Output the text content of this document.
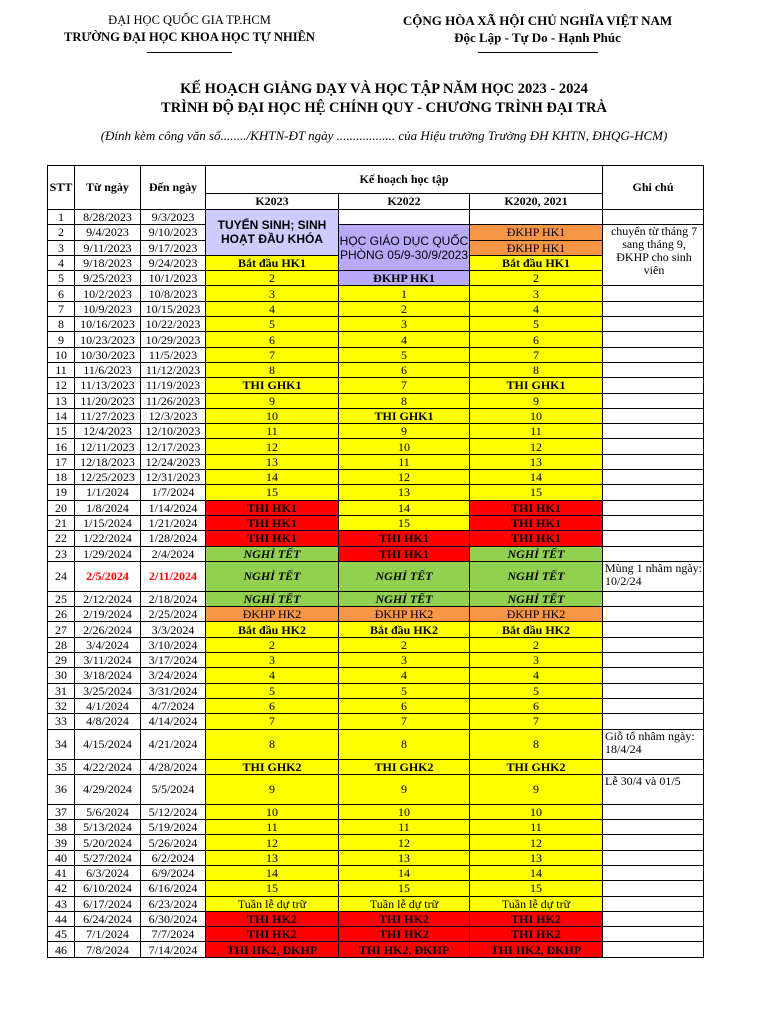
ĐẠI HỌC QUỐC GIA TP.HCM
TRƯỜNG ĐẠI HỌC KHOA HỌC TỰ NHIÊN
CỘNG HÒA XÃ HỘI CHỦ NGHĨA VIỆT NAM
Độc Lập - Tự Do - Hạnh Phúc
KẾ HOẠCH GIẢNG DẠY VÀ HỌC TẬP NĂM HỌC 2023 - 2024
TRÌNH ĐỘ ĐẠI HỌC HỆ CHÍNH QUY - CHƯƠNG TRÌNH ĐẠI TRÀ
(Đính kèm công văn số......../KHTN-ĐT ngày .................. của Hiệu trưởng Trường ĐH KHTN, ĐHQG-HCM)
STT	Từ ngày	Đến ngày	Kế hoạch học tập			Ghi chú
			K2023	K2022	K2020, 2021	
1	8/28/2023	9/3/2023	TUYỂN SINH; SINH HOẠT ĐẦU KHÓA			
2	9/4/2023	9/10/2023		HỌC GIÁO DỤC QUỐC PHÒNG 05/9-30/9/2023	ĐKHP HK1	chuyển từ tháng 7 sang tháng 9, ĐKHP cho sinh viên
3	9/11/2023	9/17/2023			ĐKHP HK1	
4	9/18/2023	9/24/2023	Bắt đầu HK1		Bắt đầu HK1	
5	9/25/2023	10/1/2023	2	ĐKHP HK1	2	
6	10/2/2023	10/8/2023	3	1	3	
7	10/9/2023	10/15/2023	4	2	4	
8	10/16/2023	10/22/2023	5	3	5	
9	10/23/2023	10/29/2023	6	4	6	
10	10/30/2023	11/5/2023	7	5	7	
11	11/6/2023	11/12/2023	8	6	8	
12	11/13/2023	11/19/2023	THI GHK1	7	THI GHK1	
13	11/20/2023	11/26/2023	9	8	9	
14	11/27/2023	12/3/2023	10	THI GHK1	10	
15	12/4/2023	12/10/2023	11	9	11	
16	12/11/2023	12/17/2023	12	10	12	
17	12/18/2023	12/24/2023	13	11	13	
18	12/25/2023	12/31/2023	14	12	14	
19	1/1/2024	1/7/2024	15	13	15	
20	1/8/2024	1/14/2024	THI HK1	14	THI HK1	
21	1/15/2024	1/21/2024	THI HK1	15	THI HK1	
22	1/22/2024	1/28/2024	THI HK1	THI HK1	THI HK1	
23	1/29/2024	2/4/2024	NGHỈ TẾT	THI HK1	NGHỈ TẾT	
24	2/5/2024	2/11/2024	NGHỈ TẾT	NGHỈ TẾT	NGHỈ TẾT	Mùng 1 nhâm ngày: 10/2/24
25	2/12/2024	2/18/2024	NGHỈ TẾT	NGHỈ TẾT	NGHỈ TẾT	
26	2/19/2024	2/25/2024	ĐKHP HK2	ĐKHP HK2	ĐKHP HK2	
27	2/26/2024	3/3/2024	Bắt đầu HK2	Bắt đầu HK2	Bắt đầu HK2	
28	3/4/2024	3/10/2024	2	2	2	
29	3/11/2024	3/17/2024	3	3	3	
30	3/18/2024	3/24/2024	4	4	4	
31	3/25/2024	3/31/2024	5	5	5	
32	4/1/2024	4/7/2024	6	6	6	
33	4/8/2024	4/14/2024	7	7	7	
34	4/15/2024	4/21/2024	8	8	8	Giỗ tổ nhâm ngày: 18/4/24
35	4/22/2024	4/28/2024	THI GHK2	THI GHK2	THI GHK2	
36	4/29/2024	5/5/2024	9	9	9	Lễ 30/4 và 01/5
37	5/6/2024	5/12/2024	10	10	10	
38	5/13/2024	5/19/2024	11	11	11	
39	5/20/2024	5/26/2024	12	12	12	
40	5/27/2024	6/2/2024	13	13	13	
41	6/3/2024	6/9/2024	14	14	14	
42	6/10/2024	6/16/2024	15	15	15	
43	6/17/2024	6/23/2024	Tuần lễ dự trữ	Tuần lễ dự trữ	Tuần lễ dự trữ	
44	6/24/2024	6/30/2024	THI HK2	THI HK2	THI HK2	
45	7/1/2024	7/7/2024	THI HK2	THI HK2	THI HK2	
46	7/8/2024	7/14/2024	THI HK2, ĐKHP	THI HK2, ĐKHP	THI HK2, ĐKHP	
